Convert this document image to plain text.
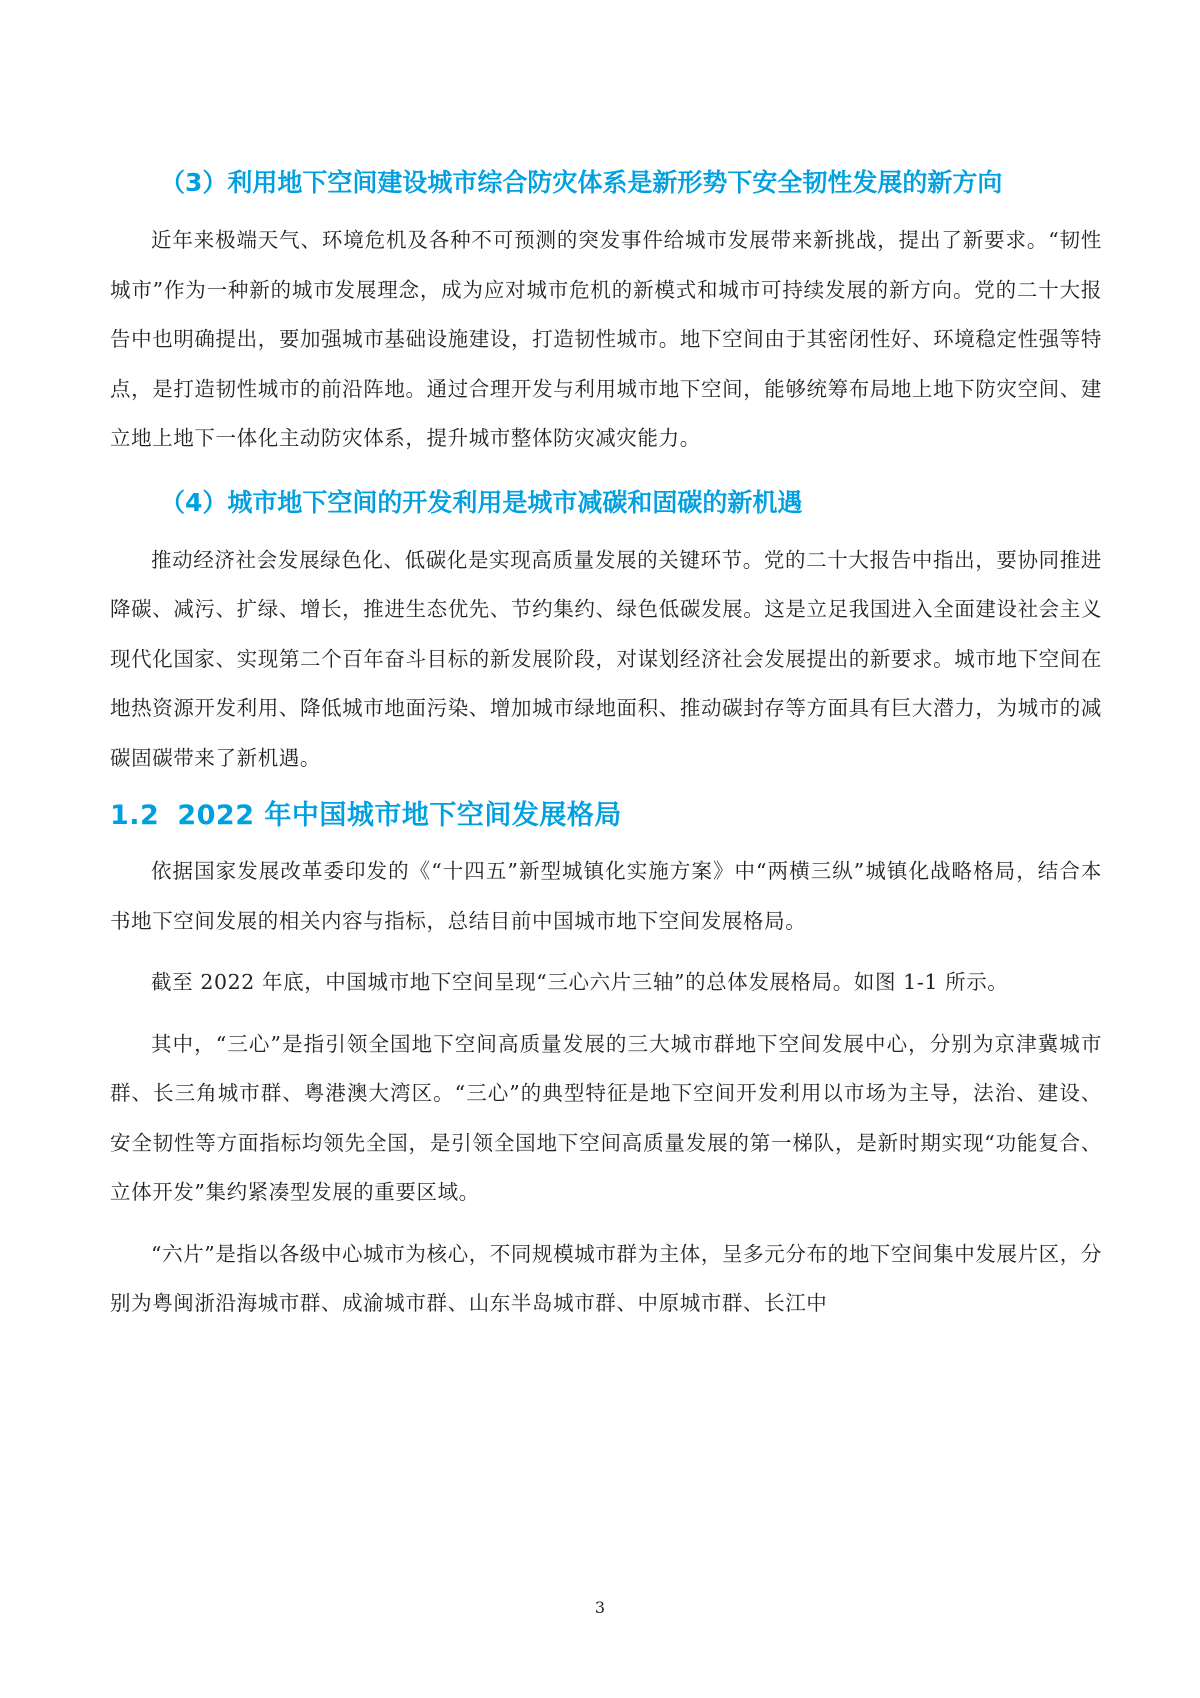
（3）利用地下空间建设城市综合防灾体系是新形势下安全韧性发展的新方向

近年来极端天气、环境危机及各种不可预测的突发事件给城市发展带来新挑战，提出了新要求。“韧性城市”作为一种新的城市发展理念，成为应对城市危机的新模式和城市可持续发展的新方向。党的二十大报告中也明确提出，要加强城市基础设施建设，打造韧性城市。地下空间由于其密闭性好、环境稳定性强等特点，是打造韧性城市的前沿阵地。通过合理开发与利用城市地下空间，能够统筹布局地上地下防灾空间、建立地上地下一体化主动防灾体系，提升城市整体防灾减灾能力。

（4）城市地下空间的开发利用是城市减碳和固碳的新机遇

推动经济社会发展绿色化、低碳化是实现高质量发展的关键环节。党的二十大报告中指出，要协同推进降碳、减污、扩绿、增长，推进生态优先、节约集约、绿色低碳发展。这是立足我国进入全面建设社会主义现代化国家、实现第二个百年奋斗目标的新发展阶段，对谋划经济社会发展提出的新要求。城市地下空间在地热资源开发利用、降低城市地面污染、增加城市绿地面积、推动碳封存等方面具有巨大潜力，为城市的减碳固碳带来了新机遇。

1.2 2022 年中国城市地下空间发展格局

依据国家发展改革委印发的《“十四五”新型城镇化实施方案》中“两横三纵”城镇化战略格局，结合本书地下空间发展的相关内容与指标，总结目前中国城市地下空间发展格局。

截至 2022 年底，中国城市地下空间呈现“三心六片三轴”的总体发展格局。如图 1-1 所示。

其中，“三心”是指引领全国地下空间高质量发展的三大城市群地下空间发展中心，分别为京津冀城市群、长三角城市群、粤港澳大湾区。“三心”的典型特征是地下空间开发利用以市场为主导，法治、建设、安全韧性等方面指标均领先全国，是引领全国地下空间高质量发展的第一梯队，是新时期实现“功能复合、立体开发”集约紧凑型发展的重要区域。

“六片”是指以各级中心城市为核心，不同规模城市群为主体，呈多元分布的地下空间集中发展片区，分别为粤闽浙沿海城市群、成渝城市群、山东半岛城市群、中原城市群、长江中

3
